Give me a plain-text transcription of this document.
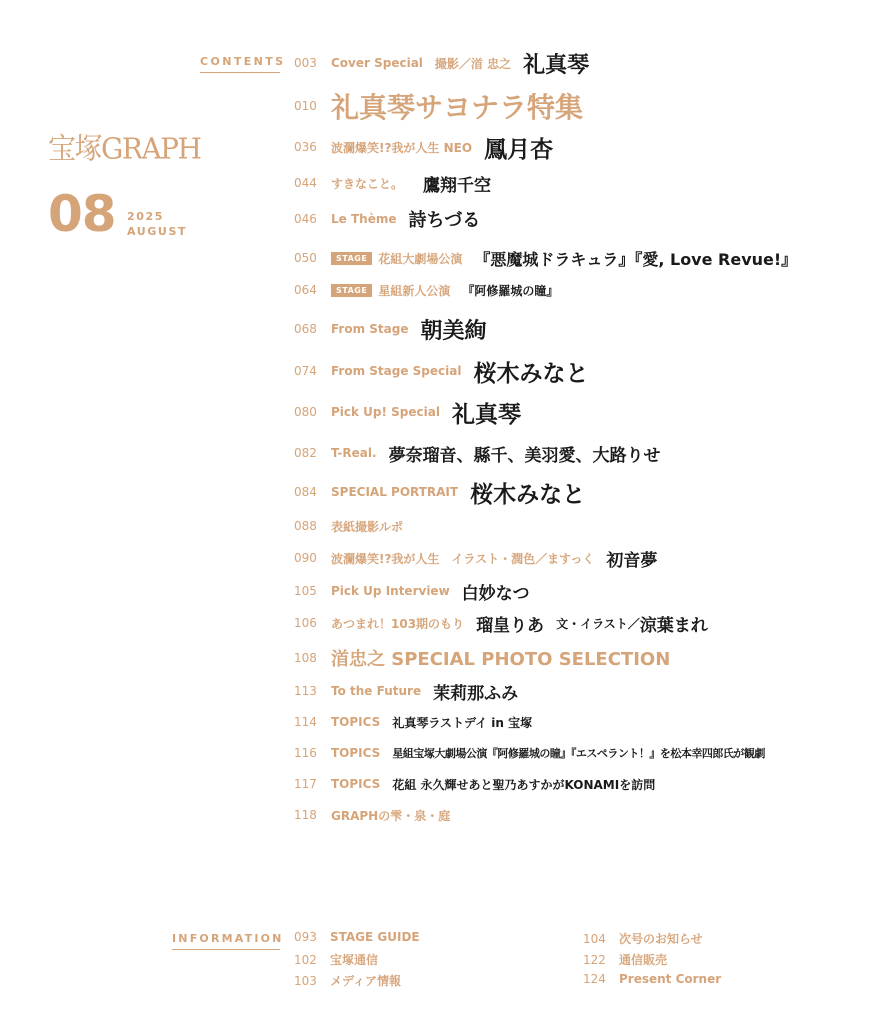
CONTENTS
宝塚GRAPH
08 2025
AUGUST
003	Cover Special 撮影／渞 忠之 礼真琴
010 礼真琴サヨナラ特集
036	波瀾爆笑!?我が人生 NEO 鳳月杏
044	すきなこと。 鷹翔千空
046	Le Thème 詩ちづる
050	STAGE 花組大劇場公演 『悪魔城ドラキュラ』『愛, Love Revue!』
064	STAGE 星組新人公演 『阿修羅城の瞳』
068	From Stage 朝美絢
074	From Stage Special 桜木みなと
080	Pick Up! Special 礼真琴
082	T-Real. 夢奈瑠音、縣千、美羽愛、大路りせ
084	SPECIAL PORTRAIT 桜木みなと
088	表紙撮影ルポ
090	波瀾爆笑!?我が人生　イラスト・潤色／ますっく 初音夢
105	Pick Up Interview 白妙なつ
106	あつまれ！103期のもり 瑠皇りあ 文・イラスト／ 涼葉まれ
108 渞忠之 SPECIAL PHOTO SELECTION
113	To the Future 茉莉那ふみ
114	TOPICS 礼真琴ラストデイ in 宝塚
116	TOPICS 星組宝塚大劇場公演『阿修羅城の瞳』『エスペラント！』を松本幸四郎氏が観劇
117	TOPICS 花組 永久輝せあと聖乃あすかがKONAMIを訪問
118	GRAPHの雫・泉・庭
INFORMATION 093	STAGE GUIDE
102	宝塚通信
103	メディア情報
104	次号のお知らせ
122	通信販売
124	Present Corner
